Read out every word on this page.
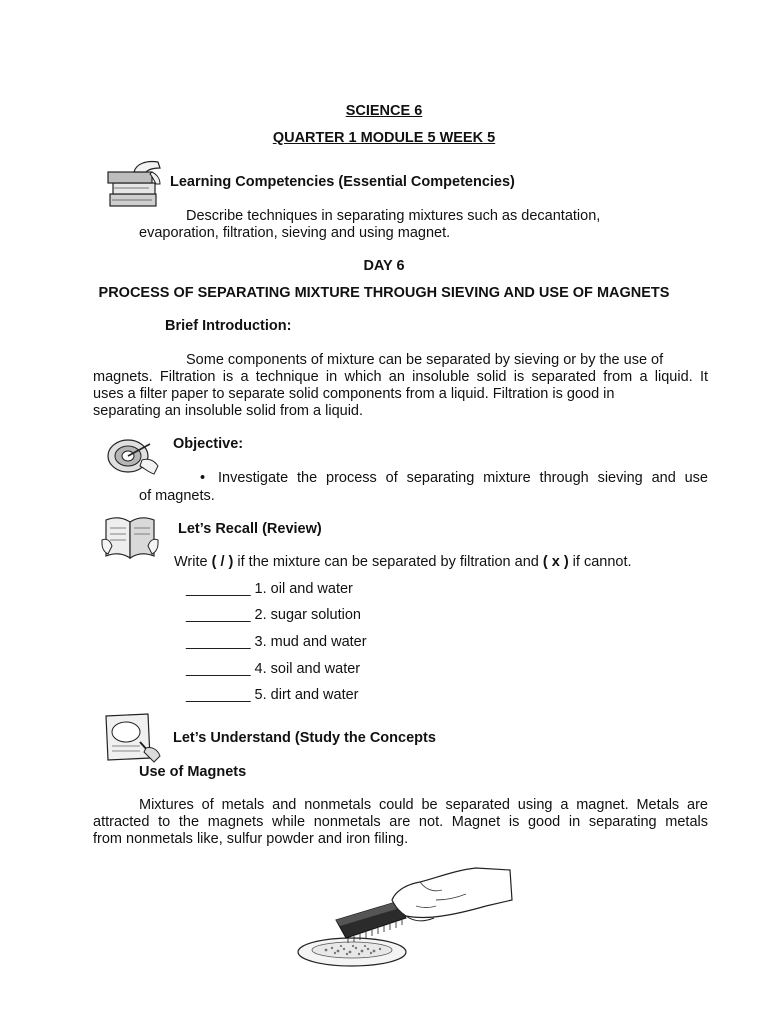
SCIENCE 6
QUARTER 1 MODULE 5 WEEK 5
Learning Competencies (Essential Competencies)
Describe techniques in separating mixtures such as decantation,
evaporation, filtration, sieving and using magnet.
DAY 6
PROCESS OF SEPARATING MIXTURE THROUGH SIEVING AND USE OF MAGNETS
Brief Introduction:
Some components of mixture can be separated by sieving or by the use of
magnets. Filtration is a technique in which an insoluble solid is separated from a liquid. It
uses a filter paper to separate solid components from a liquid. Filtration is good in
separating an insoluble solid from a liquid.
Objective:
• Investigate the process of separating mixture through sieving and use
of magnets.
Let’s Recall (Review)
Write ( / ) if the mixture can be separated by filtration and ( x ) if cannot.
________ 1. oil and water
________ 2. sugar solution
________ 3. mud and water
________ 4. soil and water
________ 5. dirt and water
Let’s Understand (Study the Concepts
Use of Magnets
Mixtures of metals and nonmetals could be separated using a magnet. Metals are
attracted to the magnets while nonmetals are not. Magnet is good in separating metals
from nonmetals like, sulfur powder and iron filing.
